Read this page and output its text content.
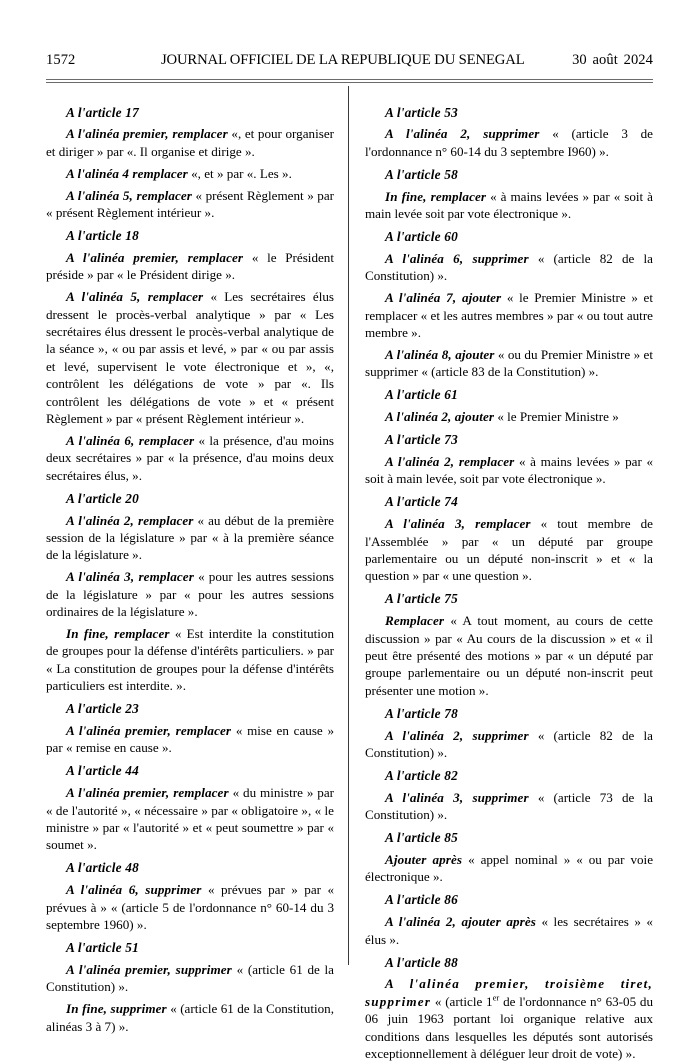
1572	JOURNAL OFFICIEL DE LA REPUBLIQUE DU SENEGAL	30 août 2024

A l'article 17

A l'alinéa premier, remplacer «, et pour organiser et diriger » par «. Il organise et dirige ».

A l'alinéa 4 remplacer «, et » par «. Les ».

A l'alinéa 5, remplacer « présent Règlement » par « présent Règlement intérieur ».

A l'article 18

A l'alinéa premier, remplacer « le Président préside » par « le Président dirige ».

A l'alinéa 5, remplacer « Les secrétaires élus dressent le procès-verbal analytique » par « Les secrétaires élus dressent le procès-verbal analytique de la séance », « ou par assis et levé, » par « ou par assis et levé, supervisent le vote électronique et », «, contrôlent les délégations de vote » par «. Ils contrôlent les délégations de vote » et « présent Règlement » par « présent Règlement intérieur ».

A l'alinéa 6, remplacer « la présence, d'au moins deux secrétaires » par « la présence, d'au moins deux secrétaires élus, ».

A l'article 20

A l'alinéa 2, remplacer « au début de la première session de la législature » par « à la première séance de la législature ».

A l'alinéa 3, remplacer « pour les autres sessions de la législature » par « pour les autres sessions ordinaires de la législature ».

In fine, remplacer « Est interdite la constitution de groupes pour la défense d'intérêts particuliers. » par « La constitution de groupes pour la défense d'intérêts particuliers est interdite. ».

A l'article 23

A l'alinéa premier, remplacer « mise en cause » par « remise en cause ».

A l'article 44

A l'alinéa premier, remplacer « du ministre » par « de l'autorité », « nécessaire » par « obligatoire », « le ministre » par « l'autorité » et « peut soumettre » par « soumet ».

A l'article 48

A l'alinéa 6, supprimer « prévues par » par « prévues à » « (article 5 de l'ordonnance n° 60-14 du 3 septembre 1960) ».

A l'article 51

A l'alinéa premier, supprimer « (article 61 de la Constitution) ».

In fine, supprimer « (article 61 de la Constitution, alinéas 3 à 7) ».

A l'article 53

A l'alinéa 2, supprimer « (article 3 de l'ordonnance n° 60-14 du 3 septembre I960) ».

A l'article 58

In fine, remplacer « à mains levées » par « soit à main levée soit par vote électronique ».

A l'article 60

A l'alinéa 6, supprimer « (article 82 de la Constitution) ».

A l'alinéa 7, ajouter « le Premier Ministre » et remplacer « et les autres membres » par « ou tout autre membre ».

A l'alinéa 8, ajouter « ou du Premier Ministre » et supprimer « (article 83 de la Constitution) ».

A l'article 61

A l'alinéa 2, ajouter « le Premier Ministre »

A l'article 73

A l'alinéa 2, remplacer « à mains levées » par « soit à main levée, soit par vote électronique ».

A l'article 74

A l'alinéa 3, remplacer « tout membre de l'Assemblée » par « un député par groupe parlementaire ou un député non-inscrit » et « la question » par « une question ».

A l'article 75

Remplacer « A tout moment, au cours de cette discussion » par « Au cours de la discussion » et « il peut être présenté des motions » par « un député par groupe parlementaire ou un député non-inscrit peut présenter une motion ».

A l'article 78

A l'alinéa 2, supprimer « (article 82 de la Constitution) ».

A l'article 82

A l'alinéa 3, supprimer « (article 73 de la Constitution) ».

A l'article 85

Ajouter après « appel nominal » « ou par voie électronique ».

A l'article 86

A l'alinéa 2, ajouter après « les secrétaires » « élus ».

A l'article 88

A l'alinéa premier, troisième tiret, supprimer « (article 1er de l'ordonnance n° 63-05 du 06 juin 1963 portant loi organique relative aux conditions dans lesquelles les députés sont autorisés exceptionnellement à déléguer leur droit de vote) ».
